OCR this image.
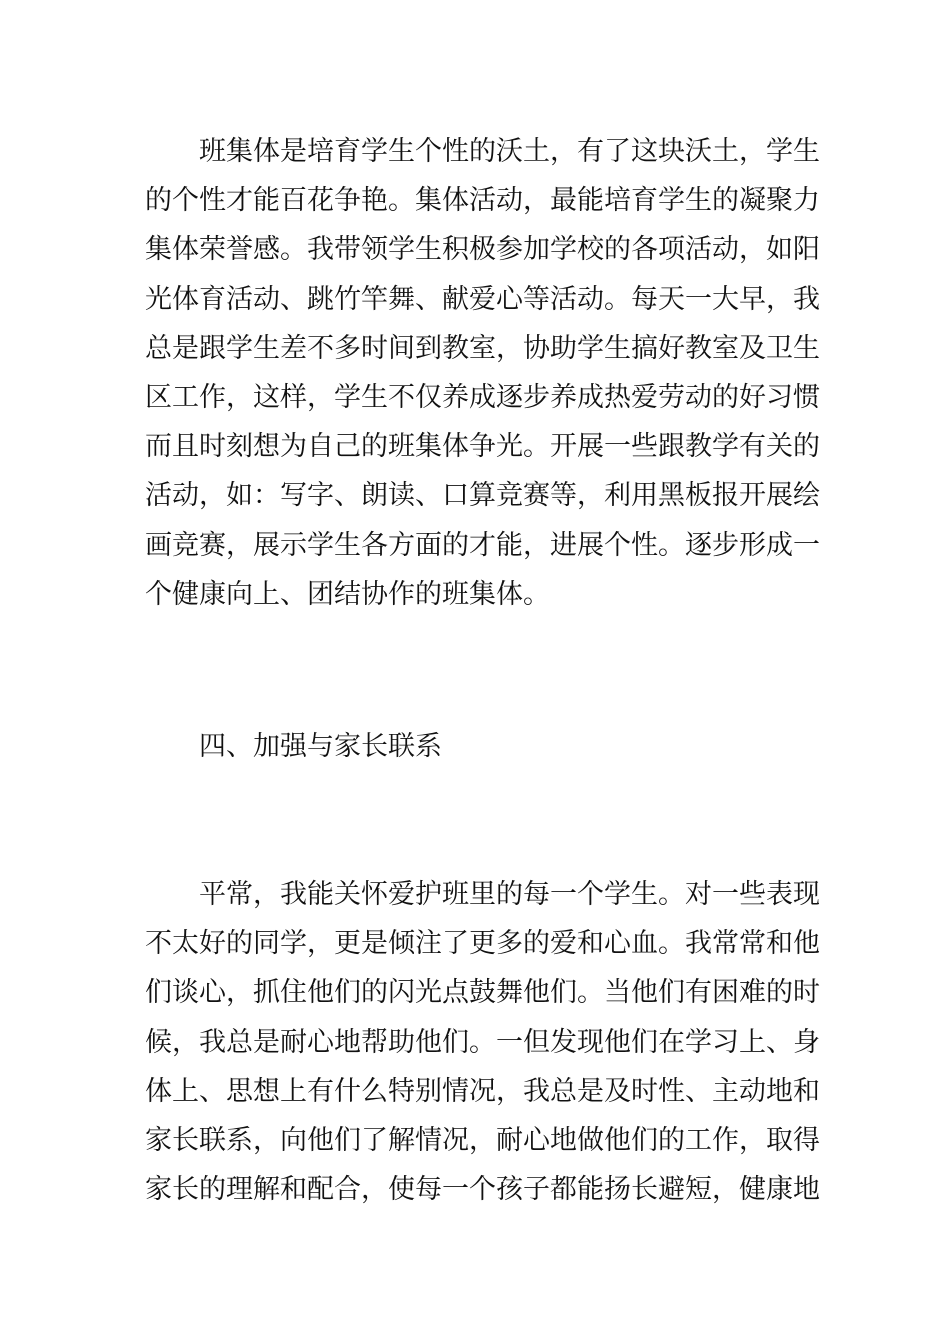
班集体是培育学生个性的沃土，有了这块沃土，学生
的个性才能百花争艳。集体活动，最能培育学生的凝聚力
集体荣誉感。我带领学生积极参加学校的各项活动，如阳
光体育活动、跳竹竿舞、献爱心等活动。每天一大早，我
总是跟学生差不多时间到教室，协助学生搞好教室及卫生
区工作，这样，学生不仅养成逐步养成热爱劳动的好习惯
而且时刻想为自己的班集体争光。开展一些跟教学有关的
活动，如：写字、朗读、口算竞赛等，利用黑板报开展绘
画竞赛，展示学生各方面的才能，进展个性。逐步形成一
个健康向上、团结协作的班集体。
四、加强与家长联系
平常，我能关怀爱护班里的每一个学生。对一些表现
不太好的同学，更是倾注了更多的爱和心血。我常常和他
们谈心，抓住他们的闪光点鼓舞他们。当他们有困难的时
候，我总是耐心地帮助他们。一但发现他们在学习上、身
体上、思想上有什么特别情况，我总是及时性、主动地和
家长联系，向他们了解情况，耐心地做他们的工作，取得
家长的理解和配合，使每一个孩子都能扬长避短，健康地
